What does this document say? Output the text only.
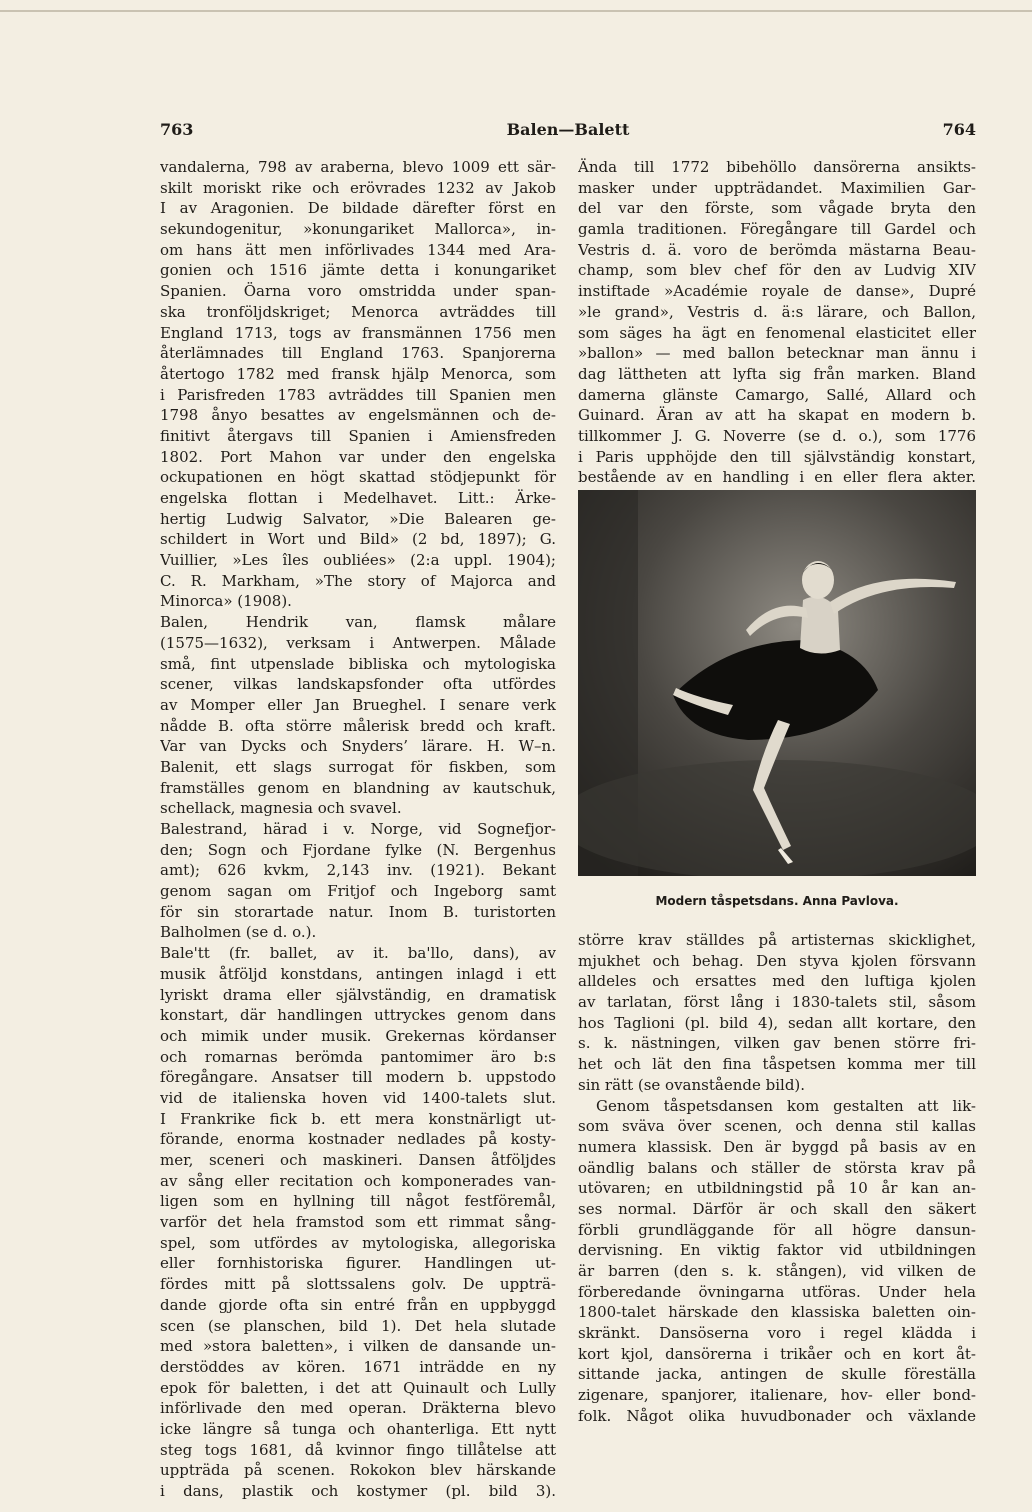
763	Balen—Balett	764
vandalerna, 798 av araberna, blevo 1009 ett sär-
skilt moriskt rike och erövrades 1232 av Jakob
I av Aragonien. De bildade därefter först en
sekundogenitur, »konungariket Mallorca», in-
om hans ätt men införlivades 1344 med Ara-
gonien och 1516 jämte detta i konungariket
Spanien. Öarna voro omstridda under span-
ska tronföljdskriget; Menorca avträddes till
England 1713, togs av fransmännen 1756 men
återlämnades till England 1763. Spanjorerna
återtogo 1782 med fransk hjälp Menorca, som
i Parisfreden 1783 avträddes till Spanien men
1798 ånyo besattes av engelsmännen och de-
finitivt återgavs till Spanien i Amiensfreden
1802. Port Mahon var under den engelska
ockupationen en högt skattad stödjepunkt för
engelska flottan i Medelhavet. Litt.: Ärke-
hertig Ludwig Salvator, »Die Balearen ge-
schildert in Wort und Bild» (2 bd, 1897); G.
Vuillier, »Les îles oubliées» (2:a uppl. 1904);
C. R. Markham, »The story of Majorca and
Minorca» (1908).
Balen, Hendrik van, flamsk målare
(1575—1632), verksam i Antwerpen. Målade
små, fint utpenslade bibliska och mytologiska
scener, vilkas landskapsfonder ofta utfördes
av Momper eller Jan Brueghel. I senare verk
nådde B. ofta större målerisk bredd och kraft.
Var van Dycks och Snyders’ lärare. H. W–n.
Balenit, ett slags surrogat för fiskben, som
framställes genom en blandning av kautschuk,
schellack, magnesia och svavel.
Balestrand, härad i v. Norge, vid Sognefjor-
den; Sogn och Fjordane fylke (N. Bergenhus
amt); 626 kvkm, 2,143 inv. (1921). Bekant
genom sagan om Fritjof och Ingeborg samt
för sin storartade natur. Inom B. turistorten
Balholmen (se d. o.).
Bale'tt (fr. ballet, av it. ba'llo, dans), av
musik åtföljd konstdans, antingen inlagd i ett
lyriskt drama eller självständig, en dramatisk
konstart, där handlingen uttryckes genom dans
och mimik under musik. Grekernas kördanser
och romarnas berömda pantomimer äro b:s
föregångare. Ansatser till modern b. uppstodo
vid de italienska hoven vid 1400-talets slut.
I Frankrike fick b. ett mera konstnärligt ut-
förande, enorma kostnader nedlades på kosty-
mer, sceneri och maskineri. Dansen åtföljdes
av sång eller recitation och komponerades van-
ligen som en hyllning till något festföremål,
varför det hela framstod som ett rimmat sång-
spel, som utfördes av mytologiska, allegoriska
eller fornhistoriska figurer. Handlingen ut-
fördes mitt på slottssalens golv. De uppträ-
dande gjorde ofta sin entré från en uppbyggd
scen (se planschen, bild 1). Det hela slutade
med »stora baletten», i vilken de dansande un-
derstöddes av kören. 1671 inträdde en ny
epok för baletten, i det att Quinault och Lully
införlivade den med operan. Dräkterna blevo
icke längre så tunga och ohanterliga. Ett nytt
steg togs 1681, då kvinnor fingo tillåtelse att
uppträda på scenen. Rokokon blev härskande
i dans, plastik och kostymer (pl. bild 3).
Ända till 1772 bibehöllo dansörerna ansikts-
masker under uppträdandet. Maximilien Gar-
del var den förste, som vågade bryta den
gamla traditionen. Föregångare till Gardel och
Vestris d. ä. voro de berömda mästarna Beau-
champ, som blev chef för den av Ludvig XIV
instiftade »Académie royale de danse», Dupré
»le grand», Vestris d. ä:s lärare, och Ballon,
som säges ha ägt en fenomenal elasticitet eller
»ballon» — med ballon betecknar man ännu i
dag lättheten att lyfta sig från marken. Bland
damerna glänste Camargo, Sallé, Allard och
Guinard. Äran av att ha skapat en modern b.
tillkommer J. G. Noverre (se d. o.), som 1776
i Paris upphöjde den till självständig konstart,
bestående av en handling i en eller flera akter.
Modern tåspetsdans. Anna Pavlova.
större krav ställdes på artisternas skicklighet,
mjukhet och behag. Den styva kjolen försvann
alldeles och ersattes med den luftiga kjolen
av tarlatan, först lång i 1830-talets stil, såsom
hos Taglioni (pl. bild 4), sedan allt kortare, den
s. k. nästningen, vilken gav benen större fri-
het och lät den fina tåspetsen komma mer till
sin rätt (se ovanstående bild).
Genom tåspetsdansen kom gestalten att lik-
som sväva över scenen, och denna stil kallas
numera klassisk. Den är byggd på basis av en
oändlig balans och ställer de största krav på
utövaren; en utbildningstid på 10 år kan an-
ses normal. Därför är och skall den säkert
förbli grundläggande för all högre dansun-
dervisning. En viktig faktor vid utbildningen
är barren (den s. k. stången), vid vilken de
förberedande övningarna utföras. Under hela
1800-talet härskade den klassiska baletten oin-
skränkt. Dansöserna voro i regel klädda i
kort kjol, dansörerna i trikåer och en kort åt-
sittande jacka, antingen de skulle föreställa
zigenare, spanjorer, italienare, hov- eller bond-
folk. Något olika huvudbonader och växlande
